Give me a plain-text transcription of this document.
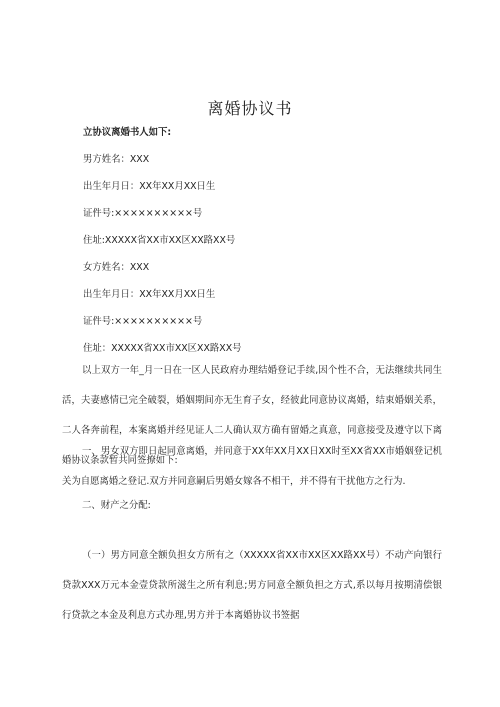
离婚协议书
立协议离婚书人如下:
男方姓名：XXX
出生年月日：XX年XX月XX日生
证件号:××××××××××号
住址:XXXXX省XX市XX区XX路XX号
女方姓名：XXX
出生年月日：XX年XX月XX日生
证件号:××××××××××号
住址：XXXXX省XX市XX区XX路XX号
以上双方一年_月一日在一区人民政府办理结婚登记手续,因个性不合，无法继续共同生活，夫妻感情已完全破裂，婚姻期间亦无生育子女，经彼此同意协议离婚，结束婚姻关系，二人各奔前程，本案离婚并经见证人二人确认双方确有留婚之真意，同意接受及遵守以下离婚协议条款暂共同签撩如下:
一、男女双方即日起同意离婚，并同意于XX年XX月XX日XX时至XX省XX市婚姻登记机关为自愿离婚之登记.双方并同意嗣后男婚女嫁各不相干，并不得有干扰他方之行为.
二、财产之分配:
（一）男方同意全额负担女方所有之（XXXXX省XX市XX区XX路XX号）不动产向银行贷款XXX万元本金壹贷款所滋生之所有利息;男方同意全额负担之方式,系以每月按期清偿银行贷款之本金及利息方式办理,男方并于本离婚协议书签据
